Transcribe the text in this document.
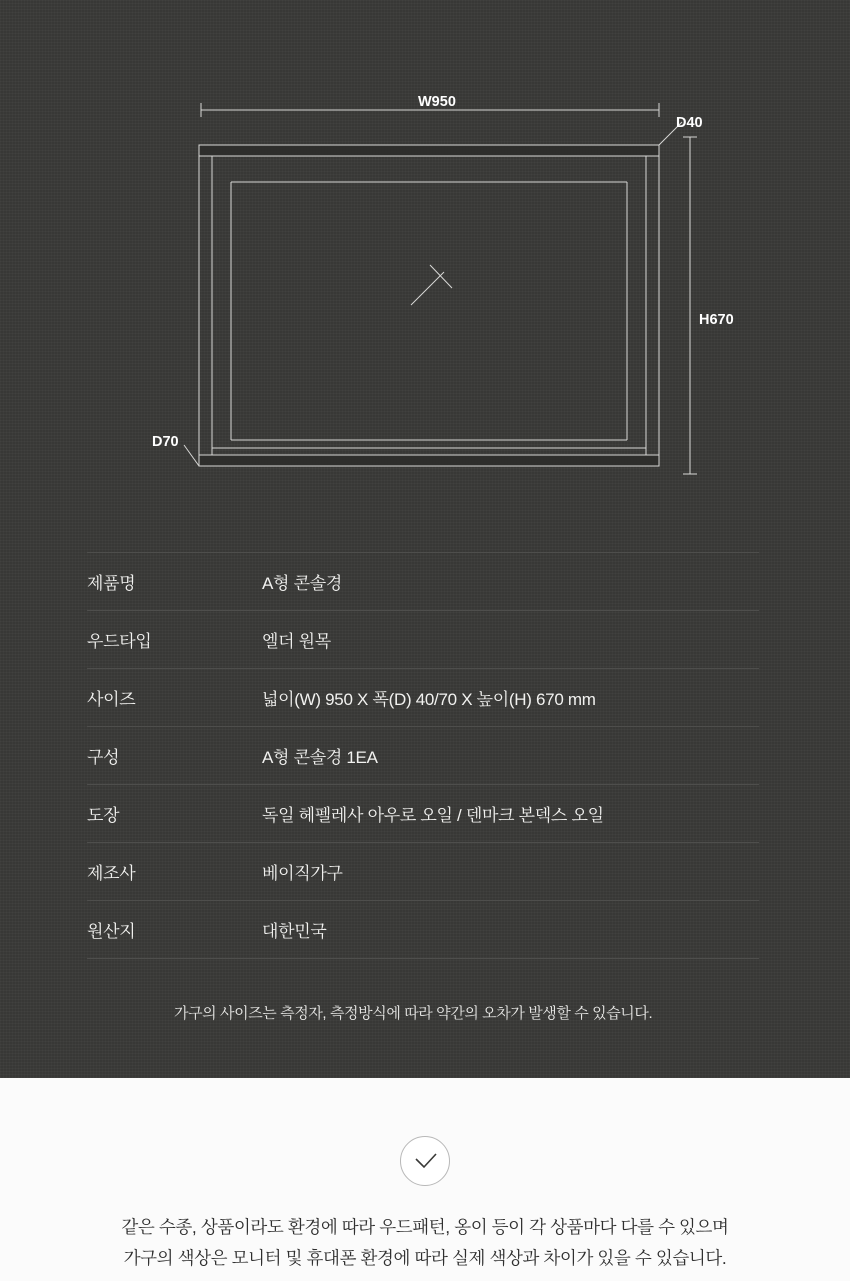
W950
D40
D70
H670
제품명	A형 콘솔경
우드타입	엘더 원목
사이즈	넓이(W) 950 X 폭(D) 40/70 X 높이(H) 670 mm
구성	A형 콘솔경 1EA
도장	독일 헤펠레사 아우로 오일 / 덴마크 본덱스 오일
제조사	베이직가구
원산지	대한민국
가구의 사이즈는 측정자, 측정방식에 따라 약간의 오차가 발생할 수 있습니다.
같은 수종, 상품이라도 환경에 따라 우드패턴, 옹이 등이 각 상품마다 다를 수 있으며
가구의 색상은 모니터 및 휴대폰 환경에 따라 실제 색상과 차이가 있을 수 있습니다.
